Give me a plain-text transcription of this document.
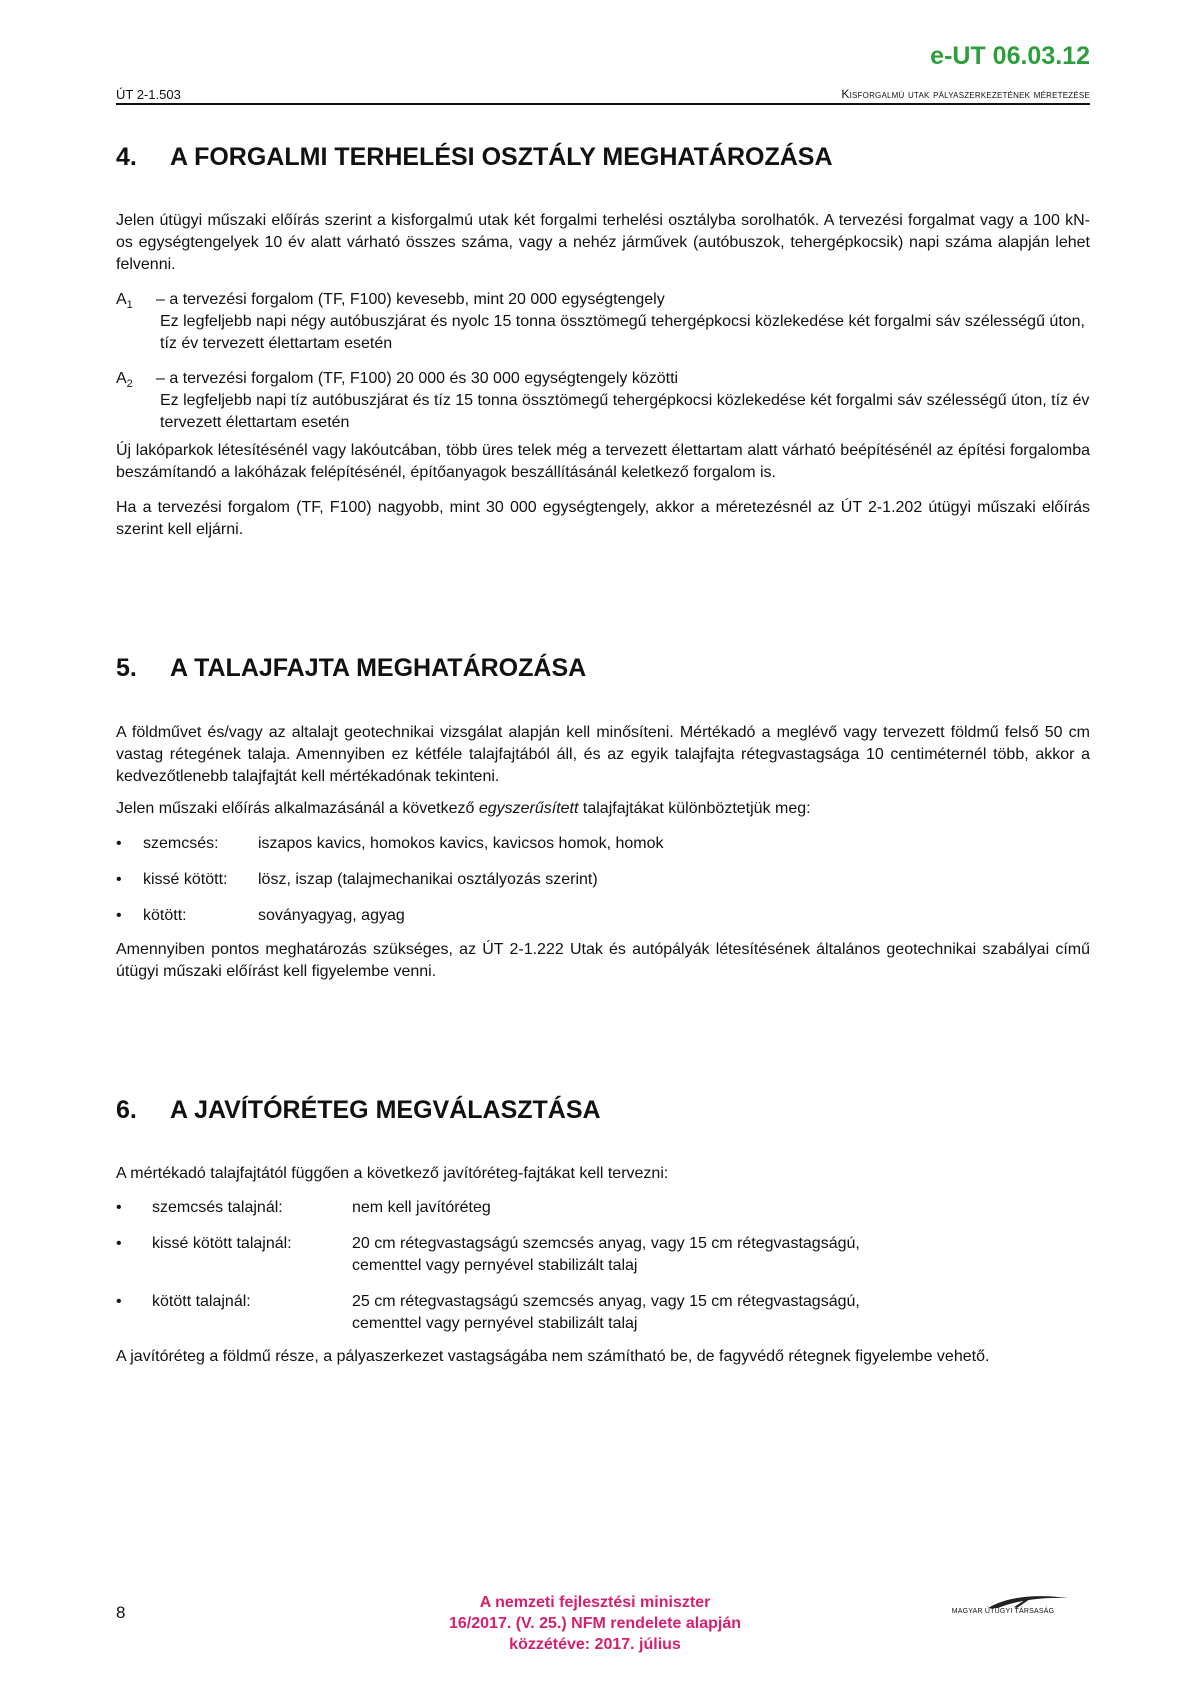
e-UT 06.03.12
ÚT 2-1.503	Kisforgalmú utak pályaszerkezetének méretezése
4.	A FORGALMI TERHELÉSI OSZTÁLY MEGHATÁROZÁSA

Jelen útügyi műszaki előírás szerint a kisforgalmú utak két forgalmi terhelési osztályba sorolhatók. A tervezési forgalmat vagy a 100 kN-os egységtengelyek 10 év alatt várható összes száma, vagy a nehéz járművek (autóbuszok, tehergépkocsik) napi száma alapján lehet felvenni.

$A_1$	– a tervezési forgalom (TF, F100) kevesebb, mint 20 000 egységtengely
Ez legfeljebb napi négy autóbuszjárat és nyolc 15 tonna össztömegű tehergépkocsi közlekedése két forgalmi sáv szélességű úton, tíz év tervezett élettartam esetén
$A_2$	– a tervezési forgalom (TF, F100) 20 000 és 30 000 egységtengely közötti
Ez legfeljebb napi tíz autóbuszjárat és tíz 15 tonna össztömegű tehergépkocsi közlekedése két forgalmi sáv szélességű úton, tíz év tervezett élettartam esetén

Új lakóparkok létesítésénél vagy lakóutcában, több üres telek még a tervezett élettartam alatt várható beépítésénél az építési forgalomba beszámítandó a lakóházak felépítésénél, építőanyagok beszállításánál keletkező forgalom is.

Ha a tervezési forgalom (TF, F100) nagyobb, mint 30 000 egységtengely, akkor a méretezésnél az ÚT 2-1.202 útügyi műszaki előírás szerint kell eljárni.

5.	A TALAJFAJTA MEGHATÁROZÁSA

A földművet és/vagy az altalajt geotechnikai vizsgálat alapján kell minősíteni. Mértékadó a meglévő vagy tervezett földmű felső 50 cm vastag rétegének talaja. Amennyiben ez kétféle talajfajtából áll, és az egyik talajfajta rétegvastagsága 10 centiméternél több, akkor a kedvezőtlenebb talajfajtát kell mértékadónak tekinteni.

Jelen műszaki előírás alkalmazásánál a következő egyszerűsített talajfajtákat különböztetjük meg:

•	szemcsés:	iszapos kavics, homokos kavics, kavicsos homok, homok
•	kissé kötött:	lösz, iszap (talajmechanikai osztályozás szerint)
•	kötött:	soványagyag, agyag

Amennyiben pontos meghatározás szükséges, az ÚT 2-1.222 Utak és autópályák létesítésének általános geotechnikai szabályai című útügyi műszaki előírást kell figyelembe venni.

6.	A JAVÍTÓRÉTEG MEGVÁLASZTÁSA

A mértékadó talajfajtától függően a következő javítóréteg-fajtákat kell tervezni:

•	szemcsés talajnál:	nem kell javítóréteg
•	kissé kötött talajnál:	20 cm rétegvastagságú szemcsés anyag, vagy 15 cm rétegvastagságú,
cementtel vagy pernyével stabilizált talaj
•	kötött talajnál:	25 cm rétegvastagságú szemcsés anyag, vagy 15 cm rétegvastagságú,
cementtel vagy pernyével stabilizált talaj

A javítóréteg a földmű része, a pályaszerkezet vastagságába nem számítható be, de fagyvédő rétegnek figyelembe vehető.

8
A nemzeti fejlesztési miniszter
16/2017. (V. 25.) NFM rendelete alapján
közzétéve: 2017. július
MAGYAR ÚTÜGYI TÁRSASÁG
